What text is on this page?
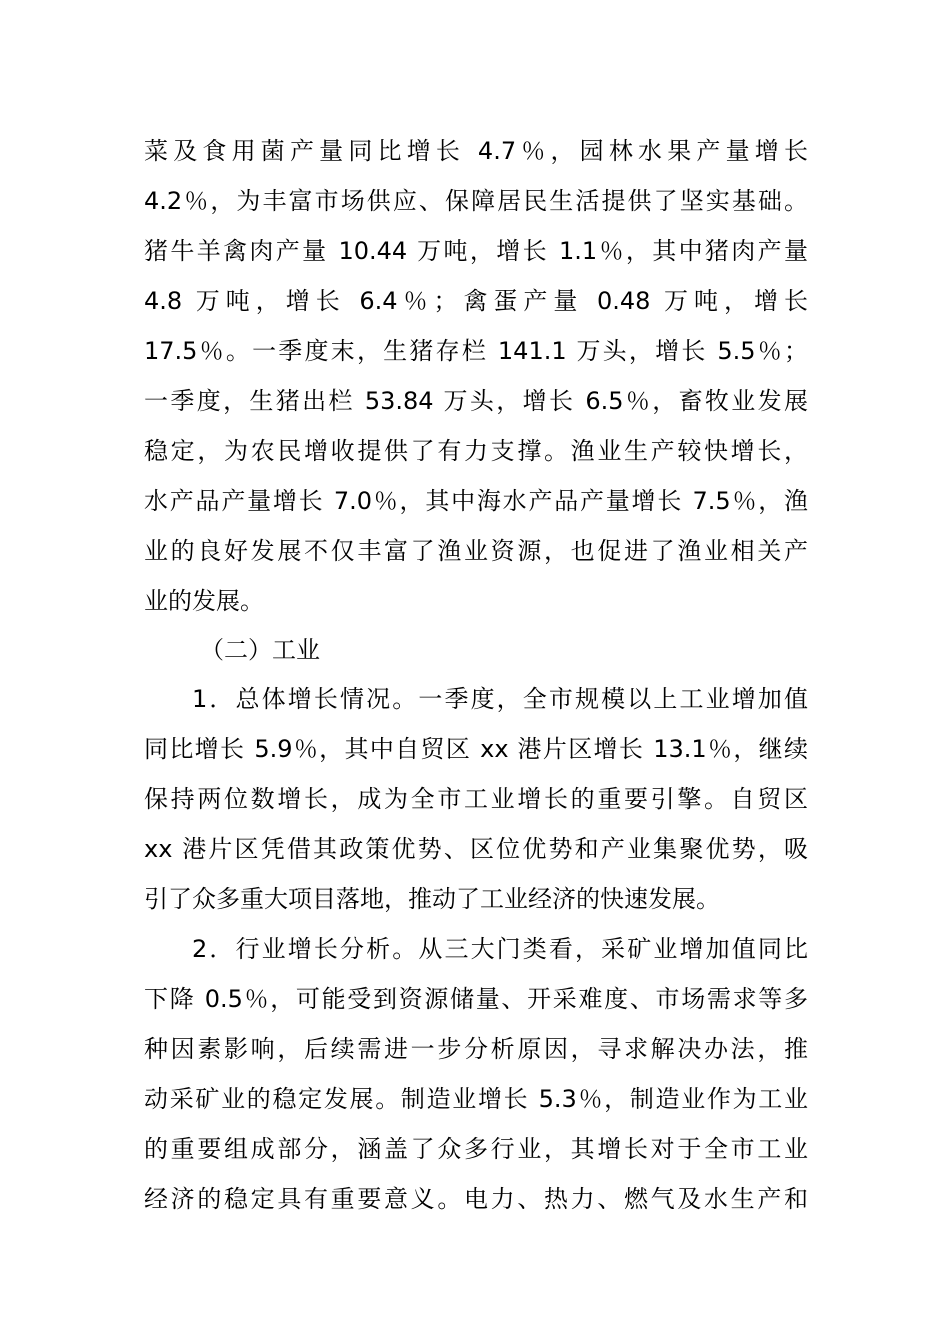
菜及食用菌产量同比增长 4.7％，园林水果产量增长
4.2％，为丰富市场供应、保障居民生活提供了坚实基础。
猪牛羊禽肉产量 10.44 万吨，增长 1.1％，其中猪肉产量
4.8 万吨，增长 6.4％；禽蛋产量 0.48 万吨，增长
17.5％。一季度末，生猪存栏 141.1 万头，增长 5.5％；
一季度，生猪出栏 53.84 万头，增长 6.5％，畜牧业发展
稳定，为农民增收提供了有力支撑。渔业生产较快增长，
水产品产量增长 7.0％，其中海水产品产量增长 7.5％，渔
业的良好发展不仅丰富了渔业资源，也促进了渔业相关产
业的发展。
（二）工业
1．总体增长情况。一季度，全市规模以上工业增加值
同比增长 5.9％，其中自贸区 xx 港片区增长 13.1％，继续
保持两位数增长，成为全市工业增长的重要引擎。自贸区
xx 港片区凭借其政策优势、区位优势和产业集聚优势，吸
引了众多重大项目落地，推动了工业经济的快速发展。
2．行业增长分析。从三大门类看，采矿业增加值同比
下降 0.5％，可能受到资源储量、开采难度、市场需求等多
种因素影响，后续需进一步分析原因，寻求解决办法，推
动采矿业的稳定发展。制造业增长 5.3％，制造业作为工业
的重要组成部分，涵盖了众多行业，其增长对于全市工业
经济的稳定具有重要意义。电力、热力、燃气及水生产和
